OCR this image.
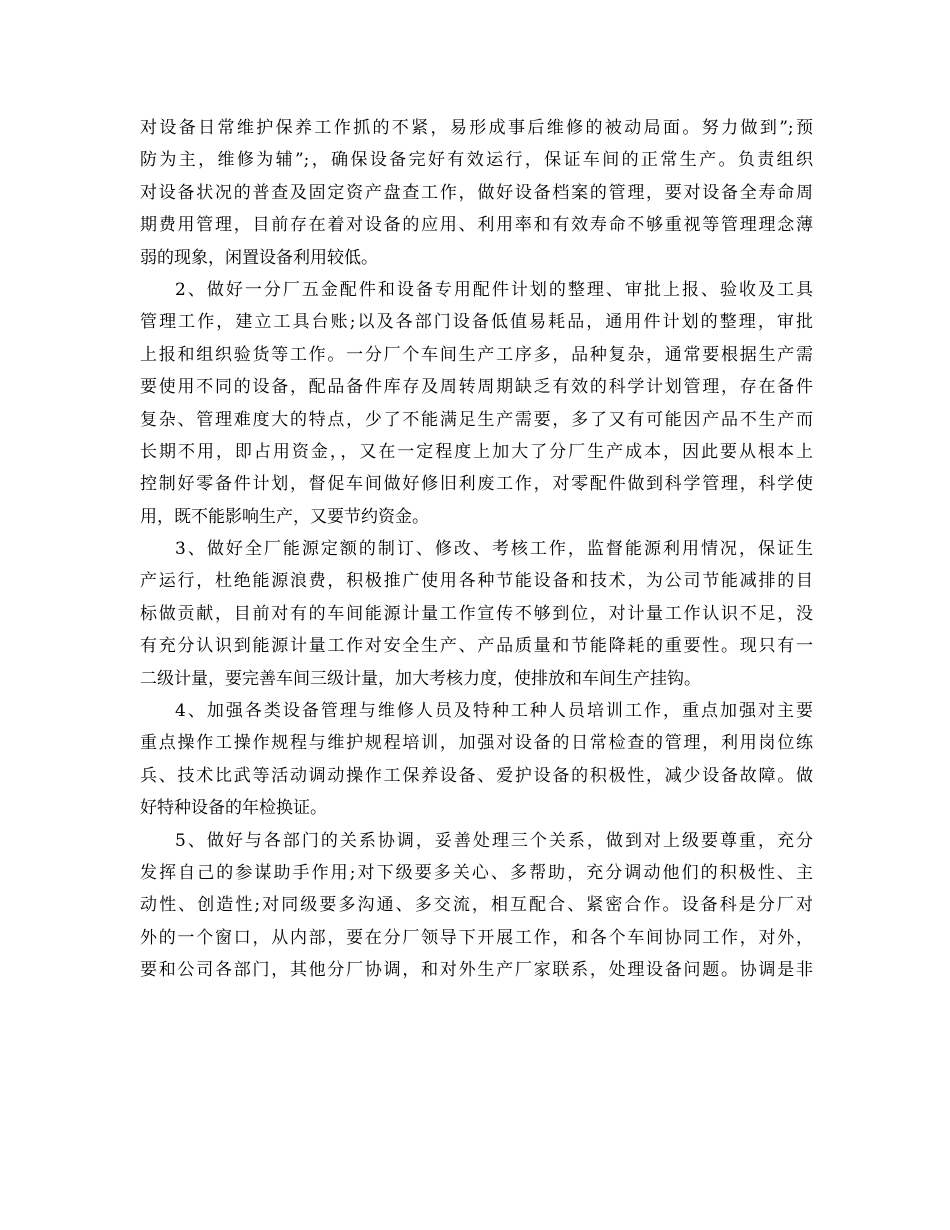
对设备日常维护保养工作抓的不紧，易形成事后维修的被动局面。努力做到”;预
防为主，维修为辅”;，确保设备完好有效运行，保证车间的正常生产。负责组织
对设备状况的普查及固定资产盘查工作，做好设备档案的管理，要对设备全寿命周
期费用管理，目前存在着对设备的应用、利用率和有效寿命不够重视等管理理念薄
弱的现象，闲置设备利用较低。
2、做好一分厂五金配件和设备专用配件计划的整理、审批上报、验收及工具
管理工作，建立工具台账;以及各部门设备低值易耗品，通用件计划的整理，审批
上报和组织验货等工作。一分厂个车间生产工序多，品种复杂，通常要根据生产需
要使用不同的设备，配品备件库存及周转周期缺乏有效的科学计划管理，存在备件
复杂、管理难度大的特点，少了不能满足生产需要，多了又有可能因产品不生产而
长期不用，即占用资金，，又在一定程度上加大了分厂生产成本，因此要从根本上
控制好零备件计划，督促车间做好修旧利废工作，对零配件做到科学管理，科学使
用，既不能影响生产，又要节约资金。
3、做好全厂能源定额的制订、修改、考核工作，监督能源利用情况，保证生
产运行，杜绝能源浪费，积极推广使用各种节能设备和技术，为公司节能减排的目
标做贡献，目前对有的车间能源计量工作宣传不够到位，对计量工作认识不足，没
有充分认识到能源计量工作对安全生产、产品质量和节能降耗的重要性。现只有一
二级计量，要完善车间三级计量，加大考核力度，使排放和车间生产挂钩。
4、加强各类设备管理与维修人员及特种工种人员培训工作，重点加强对主要
重点操作工操作规程与维护规程培训，加强对设备的日常检查的管理，利用岗位练
兵、技术比武等活动调动操作工保养设备、爱护设备的积极性，减少设备故障。做
好特种设备的年检换证。
5、做好与各部门的关系协调，妥善处理三个关系，做到对上级要尊重，充分
发挥自己的参谋助手作用;对下级要多关心、多帮助，充分调动他们的积极性、主
动性、创造性;对同级要多沟通、多交流，相互配合、紧密合作。设备科是分厂对
外的一个窗口，从内部，要在分厂领导下开展工作，和各个车间协同工作，对外，
要和公司各部门，其他分厂协调，和对外生产厂家联系，处理设备问题。协调是非
